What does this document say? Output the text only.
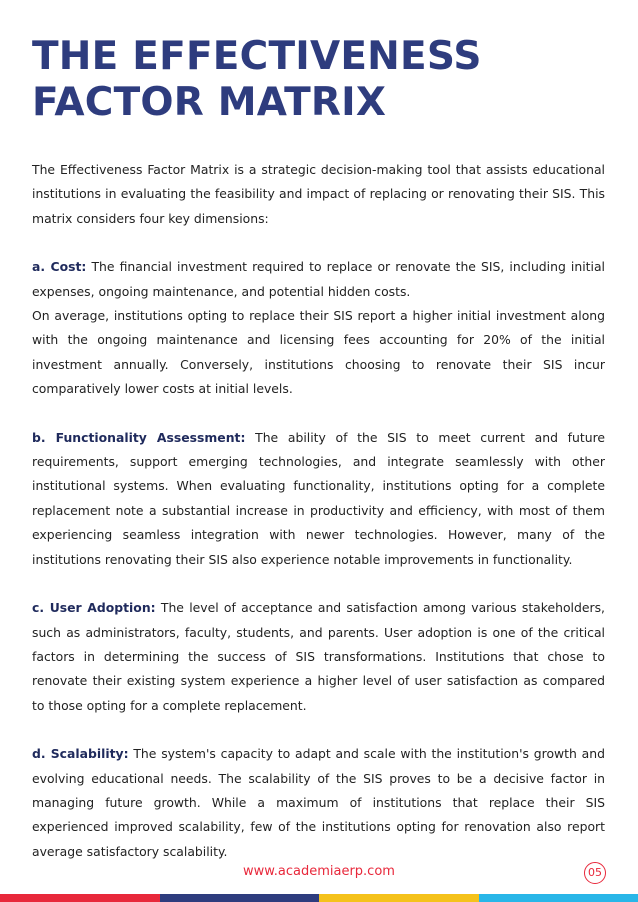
THE EFFECTIVENESS
FACTOR MATRIX

The Effectiveness Factor Matrix is a strategic decision-making tool that assists educational institutions in evaluating the feasibility and impact of replacing or renovating their SIS. This matrix considers four key dimensions:

a. Cost: The financial investment required to replace or renovate the SIS, including initial expenses, ongoing maintenance, and potential hidden costs.

On average, institutions opting to replace their SIS report a higher initial investment along with the ongoing maintenance and licensing fees accounting for 20% of the initial investment annually. Conversely, institutions choosing to renovate their SIS incur comparatively lower costs at initial levels.

b. Functionality Assessment: The ability of the SIS to meet current and future requirements, support emerging technologies, and integrate seamlessly with other institutional systems. When evaluating functionality, institutions opting for a complete replacement note a substantial increase in productivity and efficiency, with most of them experiencing seamless integration with newer technologies. However, many of the institutions renovating their SIS also experience notable improvements in functionality.

c. User Adoption: The level of acceptance and satisfaction among various stakeholders, such as administrators, faculty, students, and parents. User adoption is one of the critical factors in determining the success of SIS transformations. Institutions that chose to renovate their existing system experience a higher level of user satisfaction as compared to those opting for a complete replacement.

d. Scalability: The system's capacity to adapt and scale with the institution's growth and evolving educational needs. The scalability of the SIS proves to be a decisive factor in managing future growth. While a maximum of institutions that replace their SIS experienced improved scalability, few of the institutions opting for renovation also report average satisfactory scalability.

www.academiaerp.com	05
